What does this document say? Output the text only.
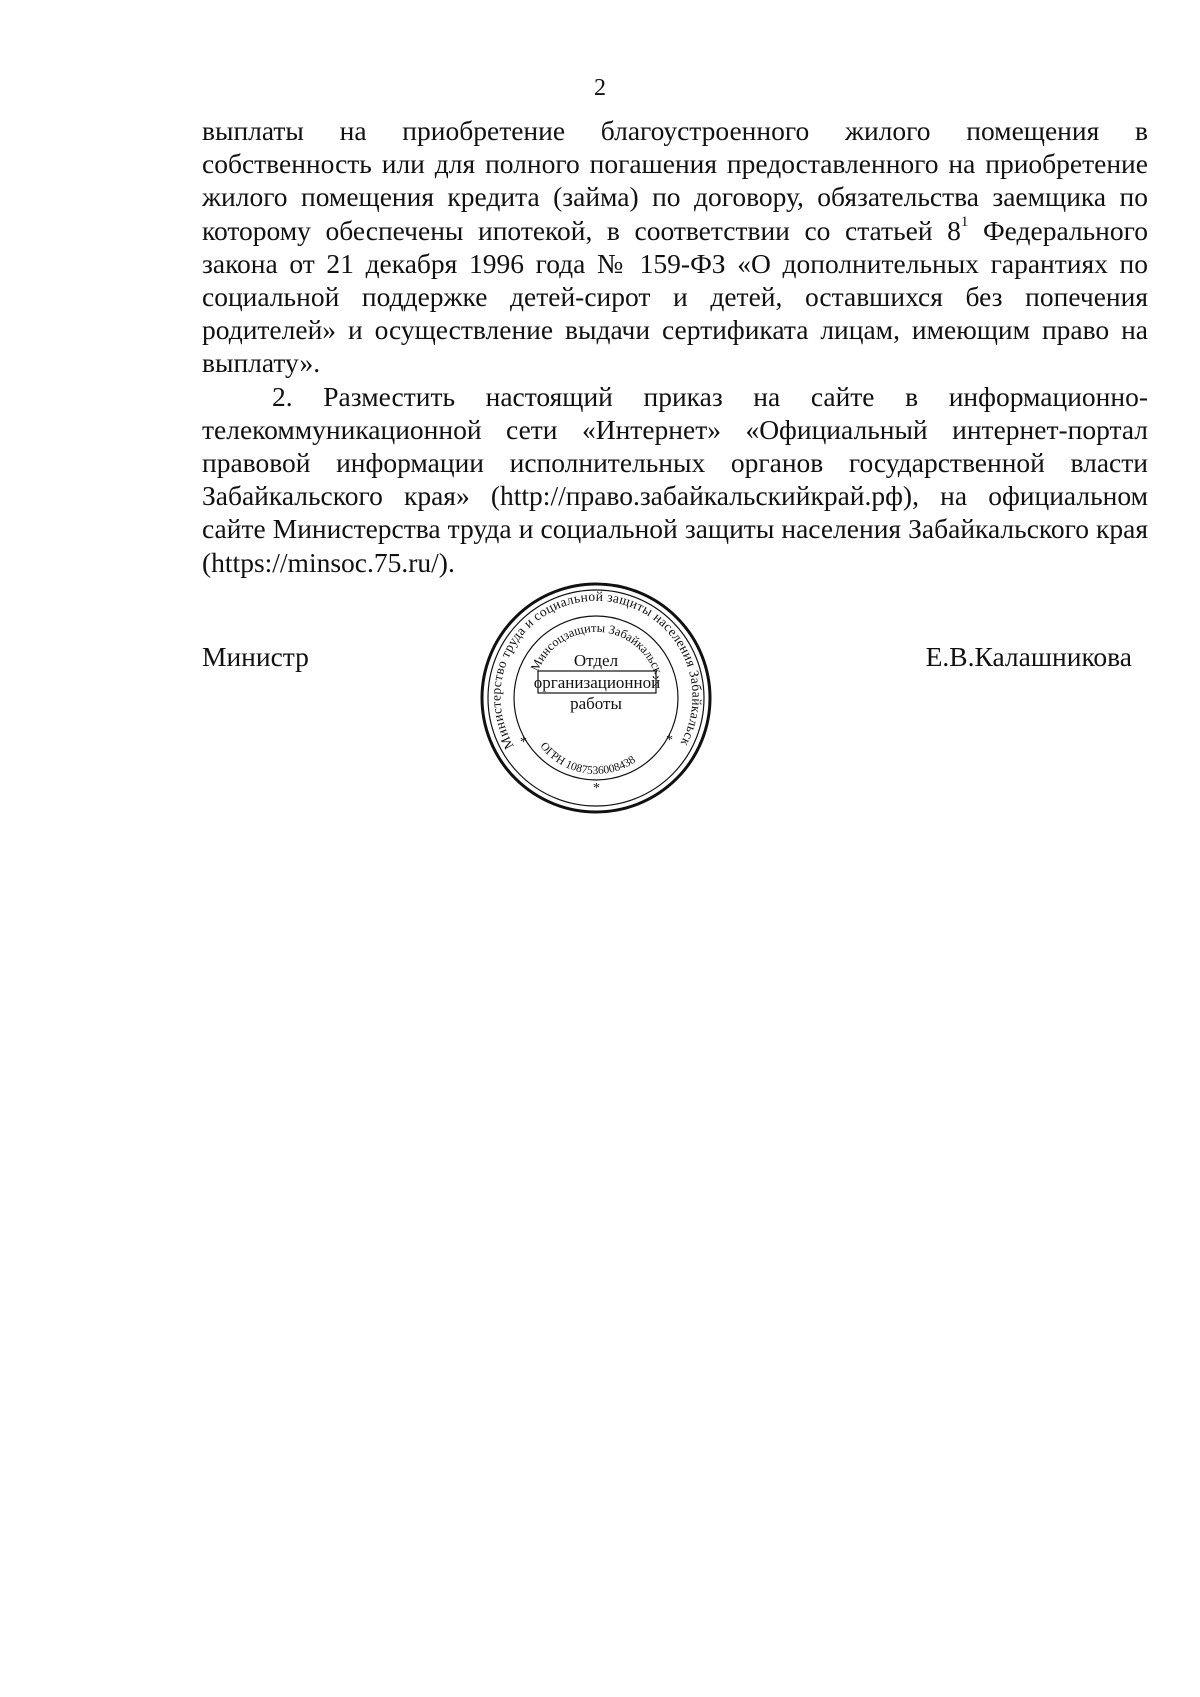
2

выплаты на приобретение благоустроенного жилого помещения в собственность или для полного погашения предоставленного на приобретение жилого помещения кредита (займа) по договору, обязательства заемщика по которому обеспечены ипотекой, в соответствии со статьей $8^1$ Федерального закона от 21 декабря 1996 года № 159-ФЗ «О дополнительных гарантиях по социальной поддержке детей-сирот и детей, оставшихся без попечения родителей» и осуществление выдачи сертификата лицам, имеющим право на выплату».

2. Разместить настоящий приказ на сайте в информационно-телекоммуникационной сети «Интернет» «Официальный интернет-портал правовой информации исполнительных органов государственной власти Забайкальского края» (http://право.забайкальскийкрай.рф), на официальном сайте Министерства труда и социальной защиты населения Забайкальского края (https://minsoc.75.ru/).

Министр	Е.В.Калашникова
Министерство труда и социальной защиты населения Забайкальск
Минсоцзащиты Забайкальск
ОГРН 1087536008438
*	*
*
Отдел
организационной
работы
